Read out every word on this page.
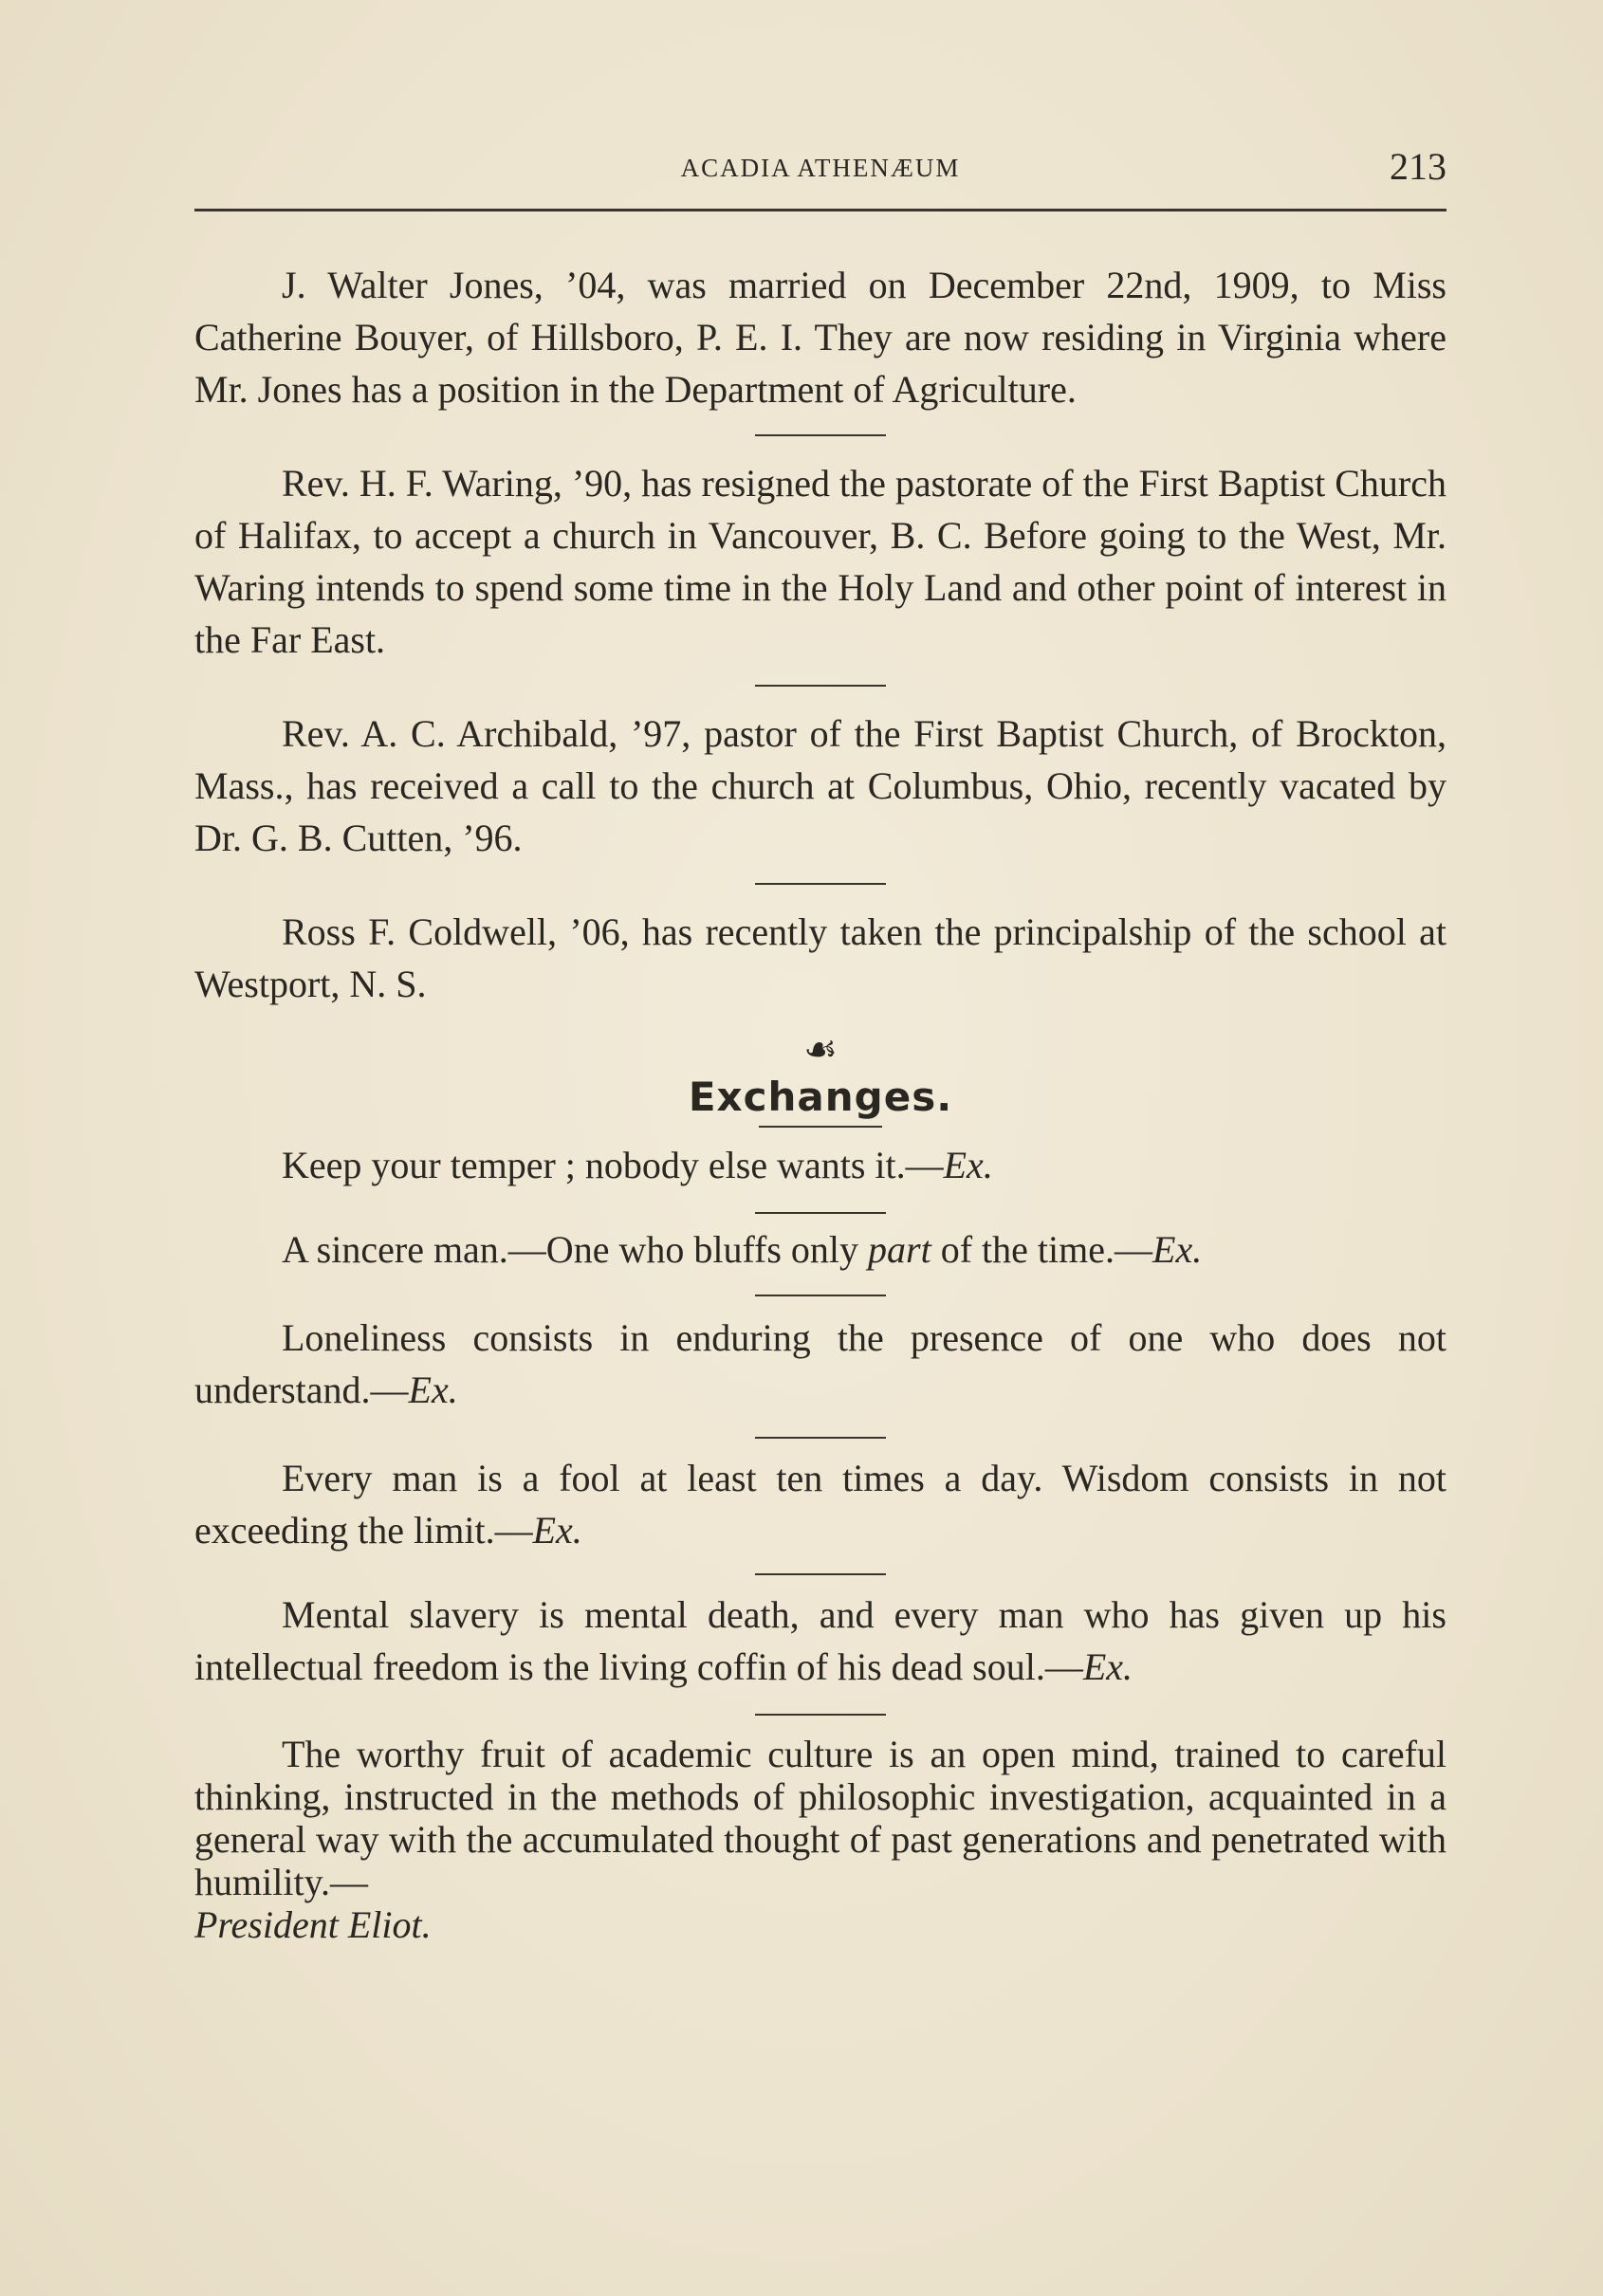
ACADIA ATHENÆUM	213

J. Walter Jones, ’04, was married on December 22nd, 1909, to Miss Catherine Bouyer, of Hillsboro, P. E. I. They are now residing in Virginia where Mr. Jones has a position in the Department of Agriculture.

Rev. H. F. Waring, ’90, has resigned the pastorate of the First Baptist Church of Halifax, to accept a church in Vancouver, B. C. Before going to the West, Mr. Waring intends to spend some time in the Holy Land and other point of interest in the Far East.

Rev. A. C. Archibald, ’97, pastor of the First Baptist Church, of Brockton, Mass., has received a call to the church at Columbus, Ohio, recently vacated by Dr. G. B. Cutten, ’96.

Ross F. Coldwell, ’06, has recently taken the principalship of the school at Westport, N. S.

☙
Exchanges.

Keep your temper ; nobody else wants it.—Ex.

A sincere man.—One who bluffs only part of the time.—Ex.

Loneliness consists in enduring the presence of one who does not understand.—Ex.

Every man is a fool at least ten times a day. Wisdom consists in not exceeding the limit.—Ex.

Mental slavery is mental death, and every man who has given up his intellectual freedom is the living coffin of his dead soul.—Ex.

The worthy fruit of academic culture is an open mind, trained to careful thinking, instructed in the methods of philosophic investigation, acquainted in a general way with the accumulated thought of past generations and penetrated with humility.—
President Eliot.
